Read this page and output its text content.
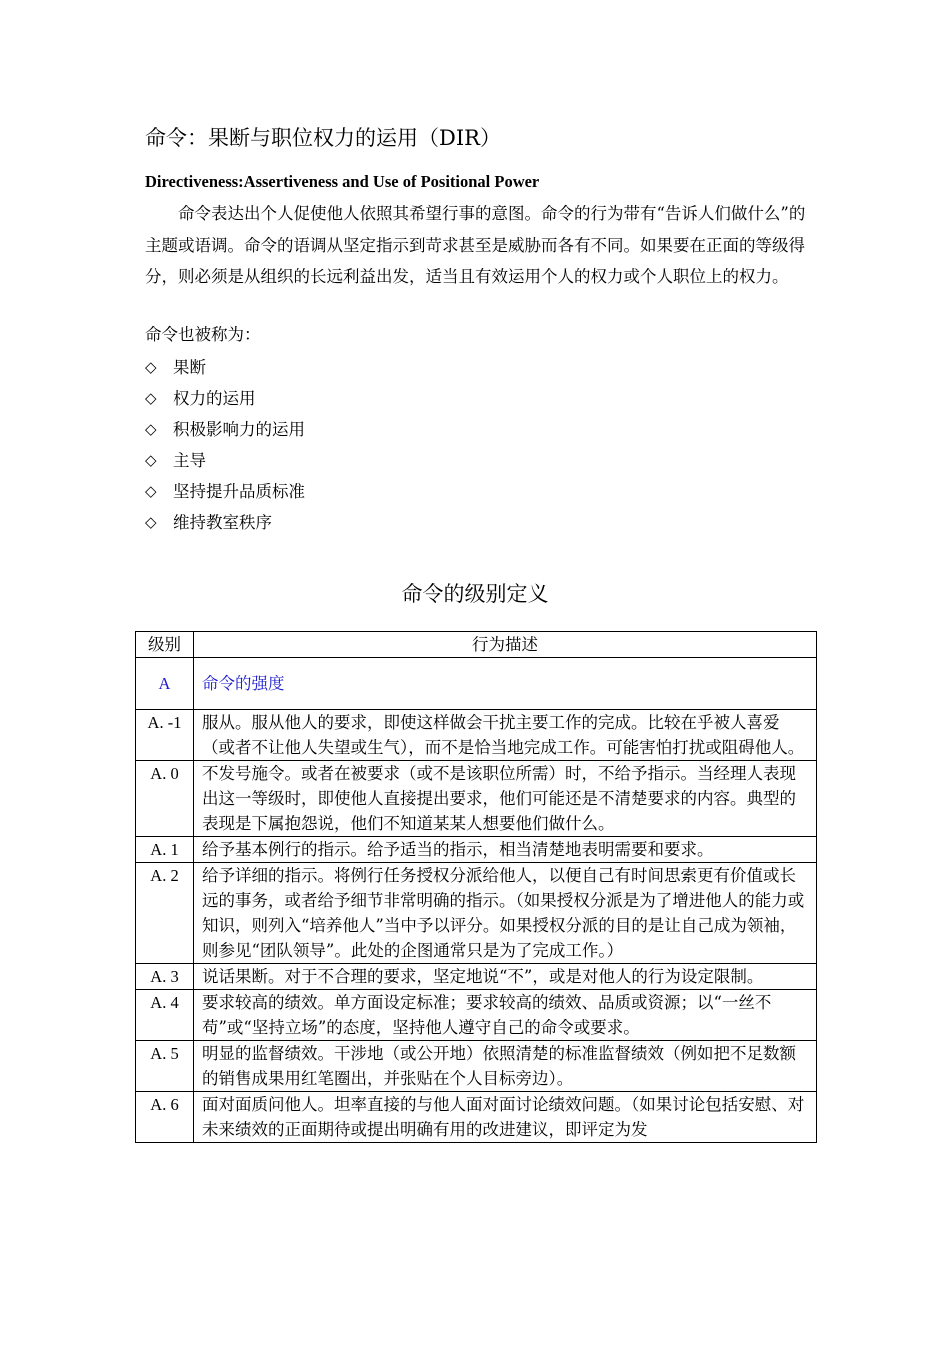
命令：果断与职位权力的运用（DIR）
Directiveness:Assertiveness and Use of Positional Power

命令表达出个人促使他人依照其希望行事的意图。命令的行为带有“告诉人们做什么”的主题或语调。命令的语调从坚定指示到苛求甚至是威胁而各有不同。如果要在正面的等级得分，则必须是从组织的长远利益出发，适当且有效运用个人的权力或个人职位上的权力。

命令也被称为：
◇ 果断
◇ 权力的运用
◇ 积极影响力的运用
◇ 主导
◇ 坚持提升品质标准
◇ 维持教室秩序
命令的级别定义
级别	行为描述
A	命令的强度
A. -1	服从。服从他人的要求，即使这样做会干扰主要工作的完成。比较在乎被人喜爱（或者不让他人失望或生气），而不是恰当地完成工作。可能害怕打扰或阻碍他人。
A. 0	不发号施令。或者在被要求（或不是该职位所需）时，不给予指示。当经理人表现出这一等级时，即使他人直接提出要求，他们可能还是不清楚要求的内容。典型的表现是下属抱怨说，他们不知道某某人想要他们做什么。
A. 1	给予基本例行的指示。给予适当的指示，相当清楚地表明需要和要求。
A. 2	给予详细的指示。将例行任务授权分派给他人，以便自己有时间思索更有价值或长远的事务，或者给予细节非常明确的指示。（如果授权分派是为了增进他人的能力或知识，则列入“培养他人”当中予以评分。如果授权分派的目的是让自己成为领袖，则参见“团队领导”。此处的企图通常只是为了完成工作。）
A. 3	说话果断。对于不合理的要求，坚定地说“不”，或是对他人的行为设定限制。
A. 4	要求较高的绩效。单方面设定标准；要求较高的绩效、品质或资源；以“一丝不苟”或“坚持立场”的态度，坚持他人遵守自己的命令或要求。
A. 5	明显的监督绩效。干涉地（或公开地）依照清楚的标准监督绩效（例如把不足数额的销售成果用红笔圈出，并张贴在个人目标旁边）。
A. 6	面对面质问他人。坦率直接的与他人面对面讨论绩效问题。（如果讨论包括安慰、对未来绩效的正面期待或提出明确有用的改进建议，即评定为发
